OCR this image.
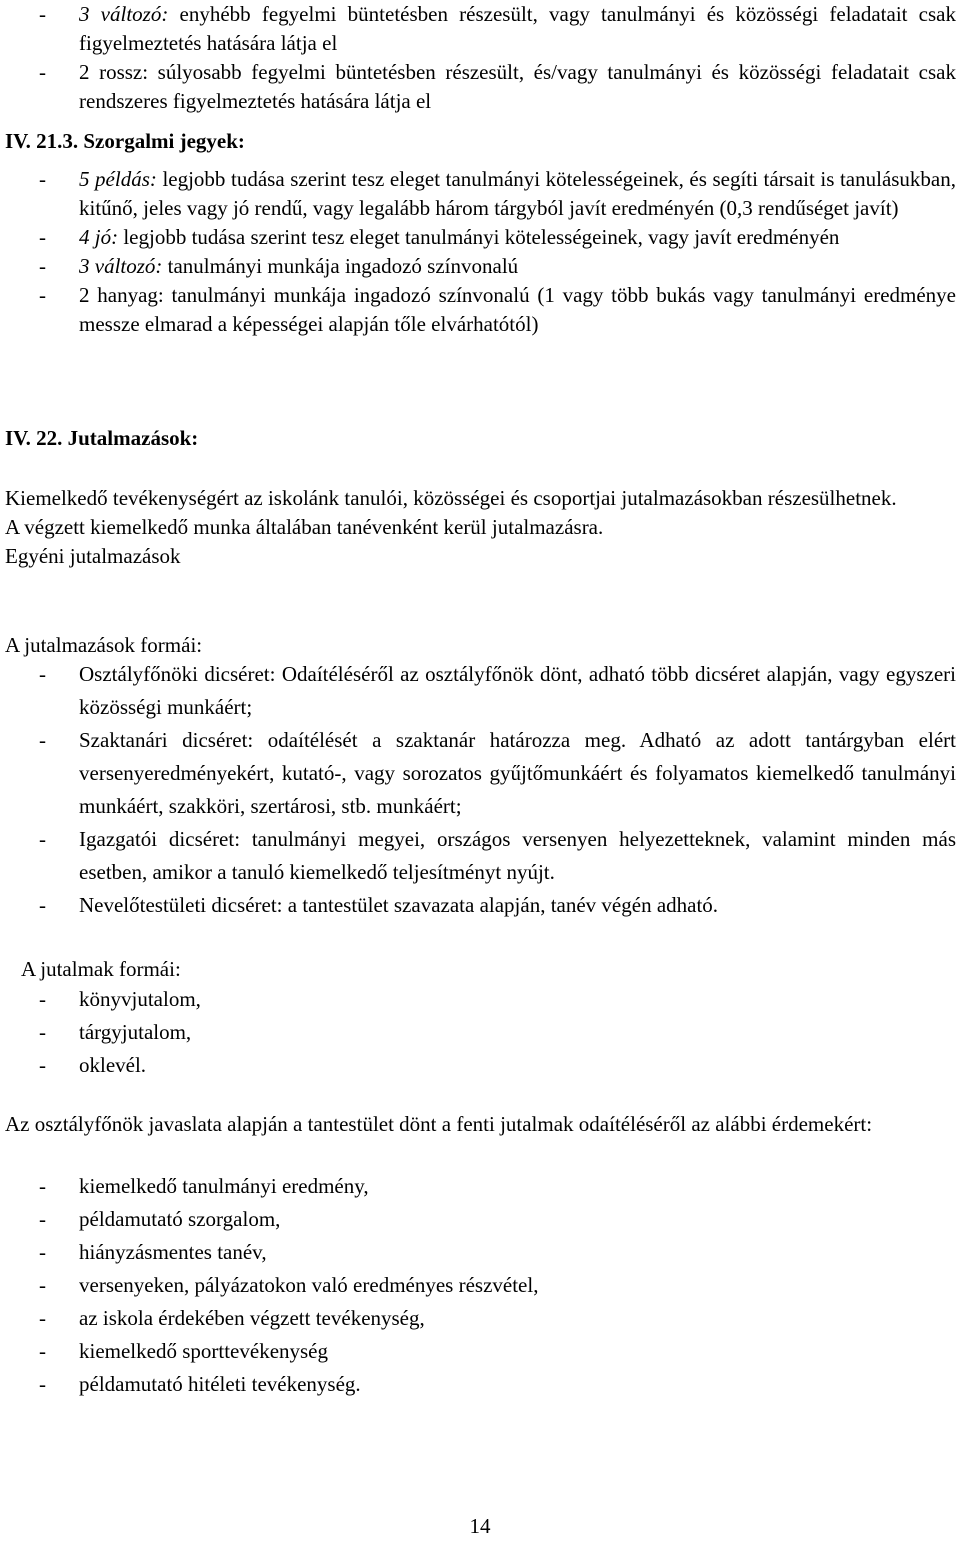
- 3 változó: enyhébb fegyelmi büntetésben részesült, vagy tanulmányi és közösségi feladatait csak figyelmeztetés hatására látja el
- 2 rossz: súlyosabb fegyelmi büntetésben részesült, és/vagy tanulmányi és közösségi feladatait csak rendszeres figyelmeztetés hatására látja el

IV. 21.3. Szorgalmi jegyek:

- 5 példás: legjobb tudása szerint tesz eleget tanulmányi kötelességeinek, és segíti társait is tanulásukban, kitűnő, jeles vagy jó rendű, vagy legalább három tárgyból javít eredményén (0,3 rendűséget javít)
- 4 jó: legjobb tudása szerint tesz eleget tanulmányi kötelességeinek, vagy javít eredményén
- 3 változó: tanulmányi munkája ingadozó színvonalú
- 2 hanyag: tanulmányi munkája ingadozó színvonalú (1 vagy több bukás vagy tanulmányi eredménye messze elmarad a képességei alapján tőle elvárhatótól)

IV. 22. Jutalmazások:

Kiemelkedő tevékenységért az iskolánk tanulói, közösségei és csoportjai jutalmazásokban részesülhetnek.

A végzett kiemelkedő munka általában tanévenként kerül jutalmazásra.

Egyéni jutalmazások

A jutalmazások formái:

- Osztályfőnöki dicséret: Odaítéléséről az osztályfőnök dönt, adható több dicséret alapján, vagy egyszeri közösségi munkáért;
- Szaktanári dicséret: odaítélését a szaktanár határozza meg. Adható az adott tantárgyban elért versenyeredményekért, kutató-, vagy sorozatos gyűjtőmunkáért és folyamatos kiemelkedő tanulmányi munkáért, szakköri, szertárosi, stb. munkáért;
- Igazgatói dicséret: tanulmányi megyei, országos versenyen helyezetteknek, valamint minden más esetben, amikor a tanuló kiemelkedő teljesítményt nyújt.
- Nevelőtestületi dicséret: a tantestület szavazata alapján, tanév végén adható.

A jutalmak formái:

- könyvjutalom,
- tárgyjutalom,
- oklevél.

Az osztályfőnök javaslata alapján a tantestület dönt a fenti jutalmak odaítéléséről az alábbi érdemekért:

- kiemelkedő tanulmányi eredmény,
- példamutató szorgalom,
- hiányzásmentes tanév,
- versenyeken, pályázatokon való eredményes részvétel,
- az iskola érdekében végzett tevékenység,
- kiemelkedő sporttevékenység
- példamutató hitéleti tevékenység.
14
